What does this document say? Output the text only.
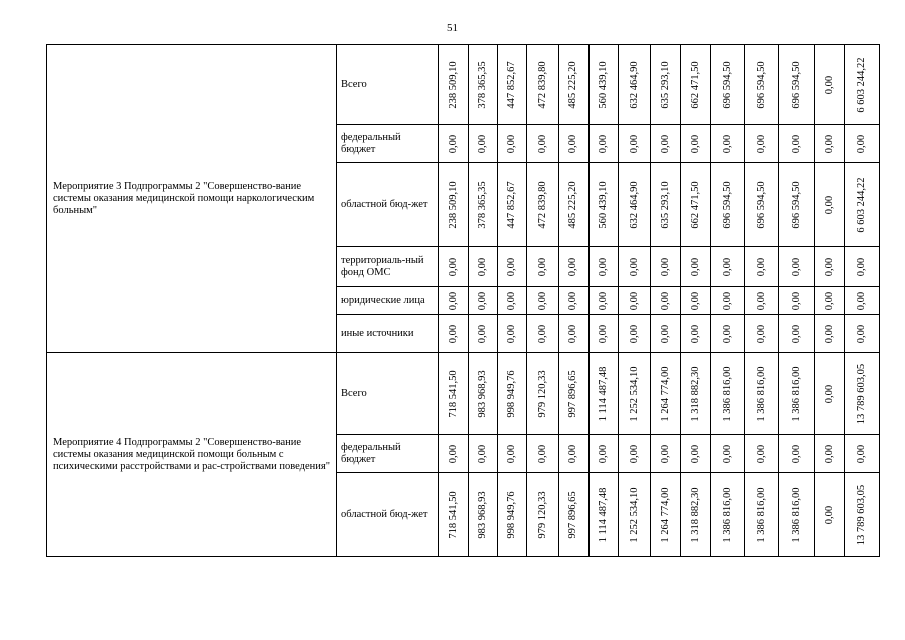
51
Мероприятие 3 Подпрограммы 2 "Совершенство-вание системы оказания медицинской помощи наркологическим больным"	Всего	238 509,10	378 365,35	447 852,67	472 839,80	485 225,20	560 439,10	632 464,90	635 293,10	662 471,50	696 594,50	696 594,50	696 594,50	0,00	6 603 244,22

	федеральный бюджет	0,00	0,00	0,00	0,00	0,00	0,00	0,00	0,00	0,00	0,00	0,00	0,00	0,00	0,00

	областной бюд-жет	238 509,10	378 365,35	447 852,67	472 839,80	485 225,20	560 439,10	632 464,90	635 293,10	662 471,50	696 594,50	696 594,50	696 594,50	0,00	6 603 244,22

	территориаль-ный фонд ОМС	0,00	0,00	0,00	0,00	0,00	0,00	0,00	0,00	0,00	0,00	0,00	0,00	0,00	0,00

	юридические лица	0,00	0,00	0,00	0,00	0,00	0,00	0,00	0,00	0,00	0,00	0,00	0,00	0,00	0,00

	иные источники	0,00	0,00	0,00	0,00	0,00	0,00	0,00	0,00	0,00	0,00	0,00	0,00	0,00	0,00

Мероприятие 4 Подпрограммы 2 "Совершенство-вание системы оказания медицинской помощи больным с психическими расстройствами и рас-стройствами поведения"	Всего	718 541,50	983 968,93	998 949,76	979 120,33	997 896,65	1 114 487,48	1 252 534,10	1 264 774,00	1 318 882,30	1 386 816,00	1 386 816,00	1 386 816,00	0,00	13 789 603,05

	федеральный бюджет	0,00	0,00	0,00	0,00	0,00	0,00	0,00	0,00	0,00	0,00	0,00	0,00	0,00	0,00

	областной бюд-жет	718 541,50	983 968,93	998 949,76	979 120,33	997 896,65	1 114 487,48	1 252 534,10	1 264 774,00	1 318 882,30	1 386 816,00	1 386 816,00	1 386 816,00	0,00	13 789 603,05
